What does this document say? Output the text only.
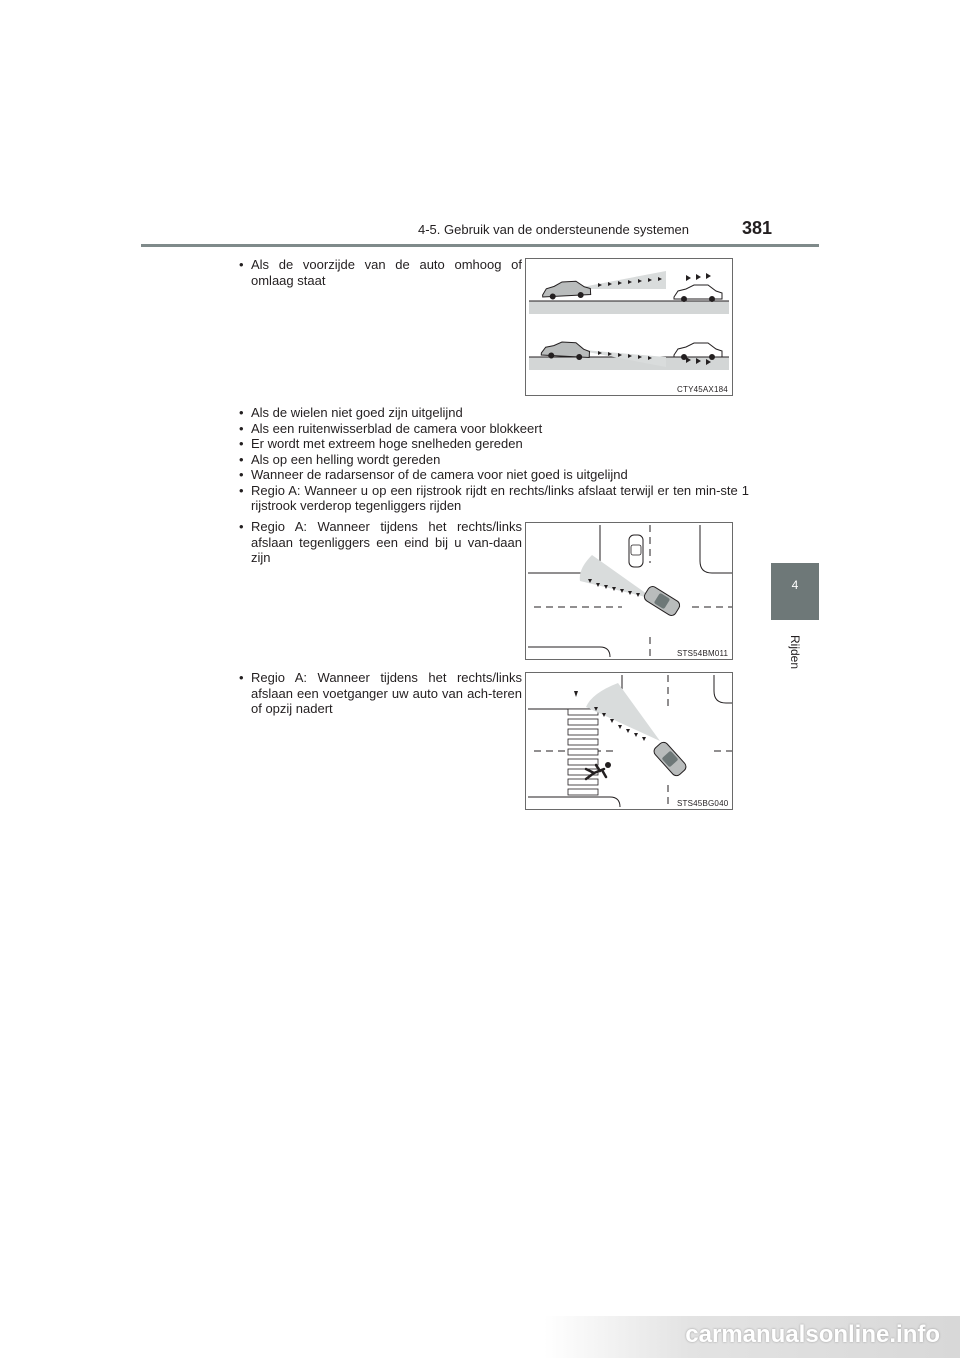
4-5. Gebruik van de ondersteunende systemen	381
4
Rijden
• Als de voorzijde van de auto omhoog of omlaag staat
CTY45AX184
• Als de wielen niet goed zijn uitgelijnd
• Als een ruitenwisserblad de camera voor blokkeert
• Er wordt met extreem hoge snelheden gereden
• Als op een helling wordt gereden
• Wanneer de radarsensor of de camera voor niet goed is uitgelijnd
• Regio A: Wanneer u op een rijstrook rijdt en rechts/links afslaat terwijl er ten min-ste 1 rijstrook verderop tegenliggers rijden
• Regio A: Wanneer tijdens het rechts/links afslaan tegenliggers een eind bij u van-daan zijn
STS54BM011
• Regio A: Wanneer tijdens het rechts/links afslaan een voetganger uw auto van ach-teren of opzij nadert
STS45BG040
carmanualsonline.info
